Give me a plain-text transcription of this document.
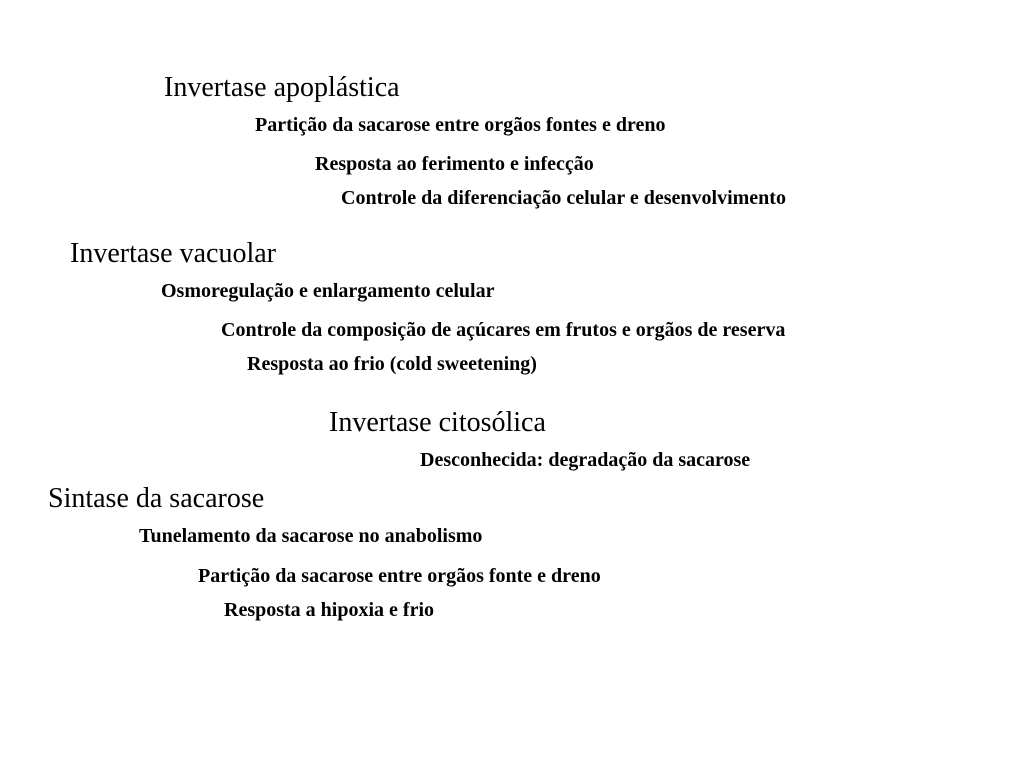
Invertase apoplástica
Partição da sacarose entre orgãos fontes e dreno
Resposta ao ferimento e infecção
Controle da diferenciação celular e desenvolvimento
Invertase vacuolar
Osmoregulação e enlargamento celular
Controle da composição de açúcares em frutos e orgãos de reserva
Resposta ao frio (cold sweetening)
Invertase citosólica
Desconhecida: degradação da sacarose
Sintase da sacarose
Tunelamento da sacarose no anabolismo
Partição da sacarose entre orgãos fonte e dreno
Resposta a hipoxia e frio
